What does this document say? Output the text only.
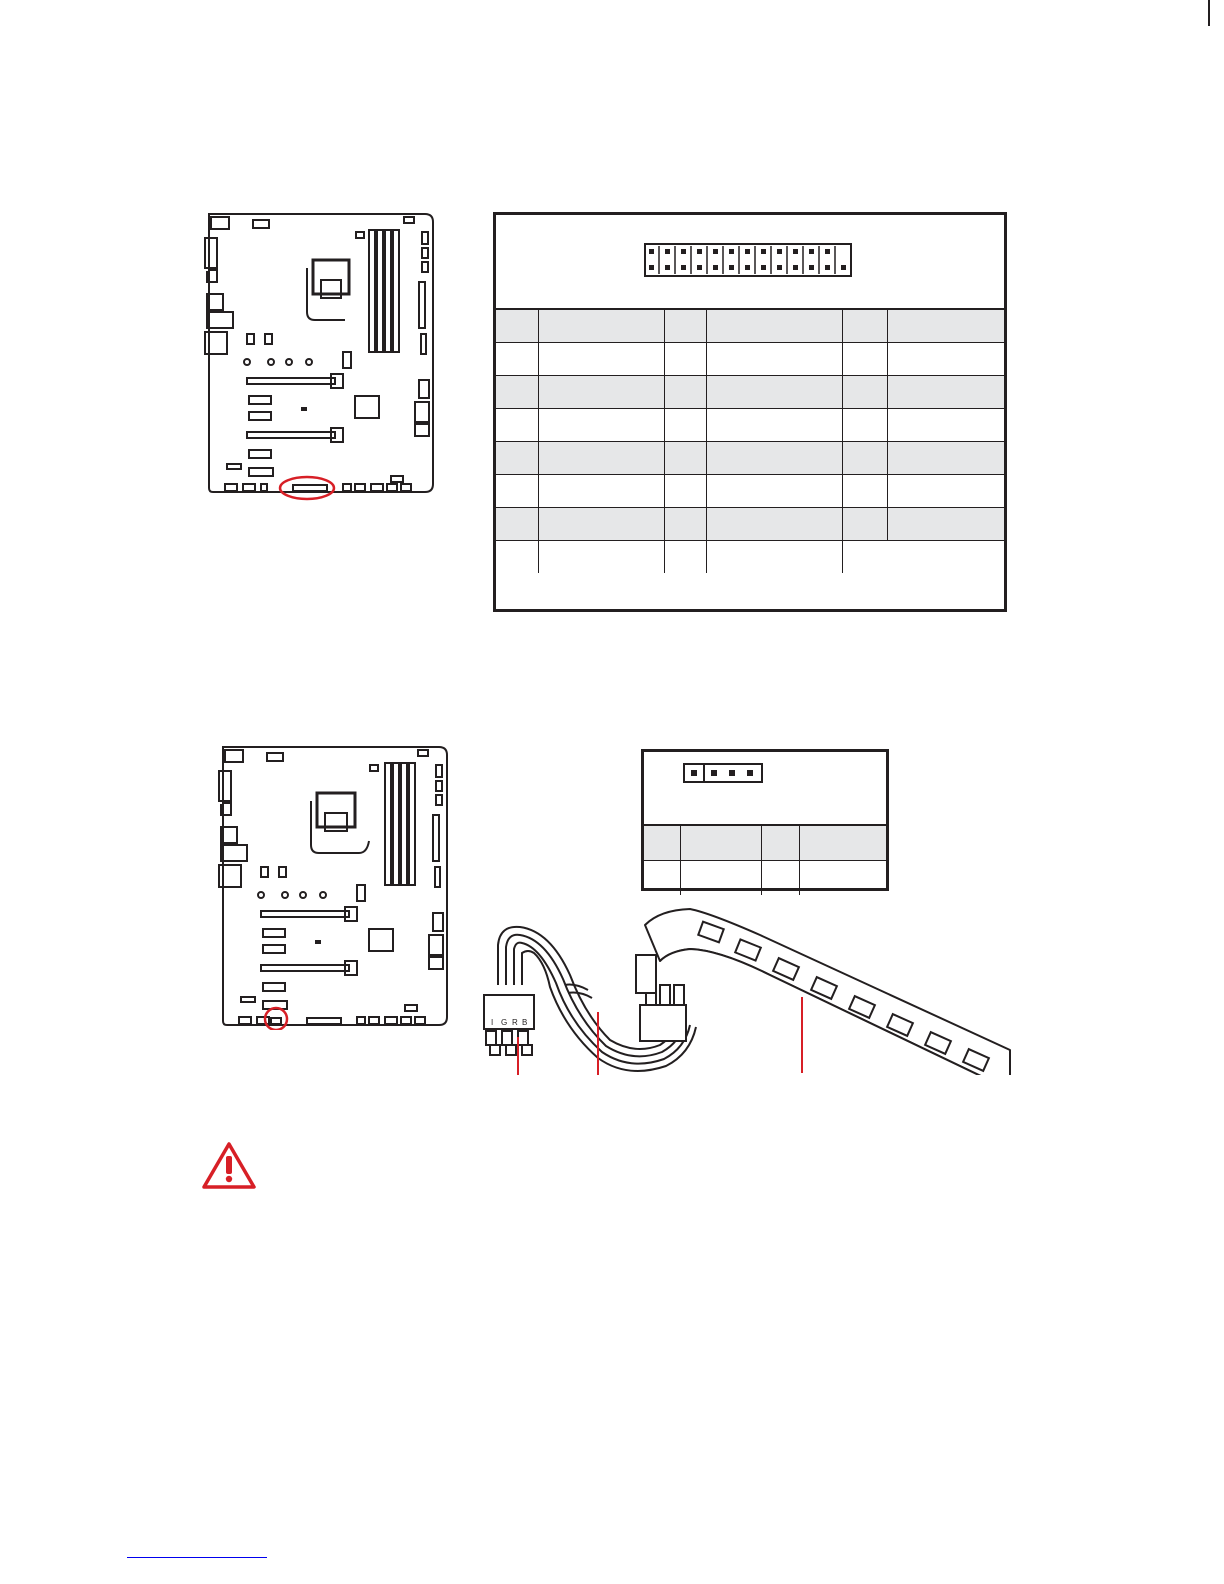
I G R B
